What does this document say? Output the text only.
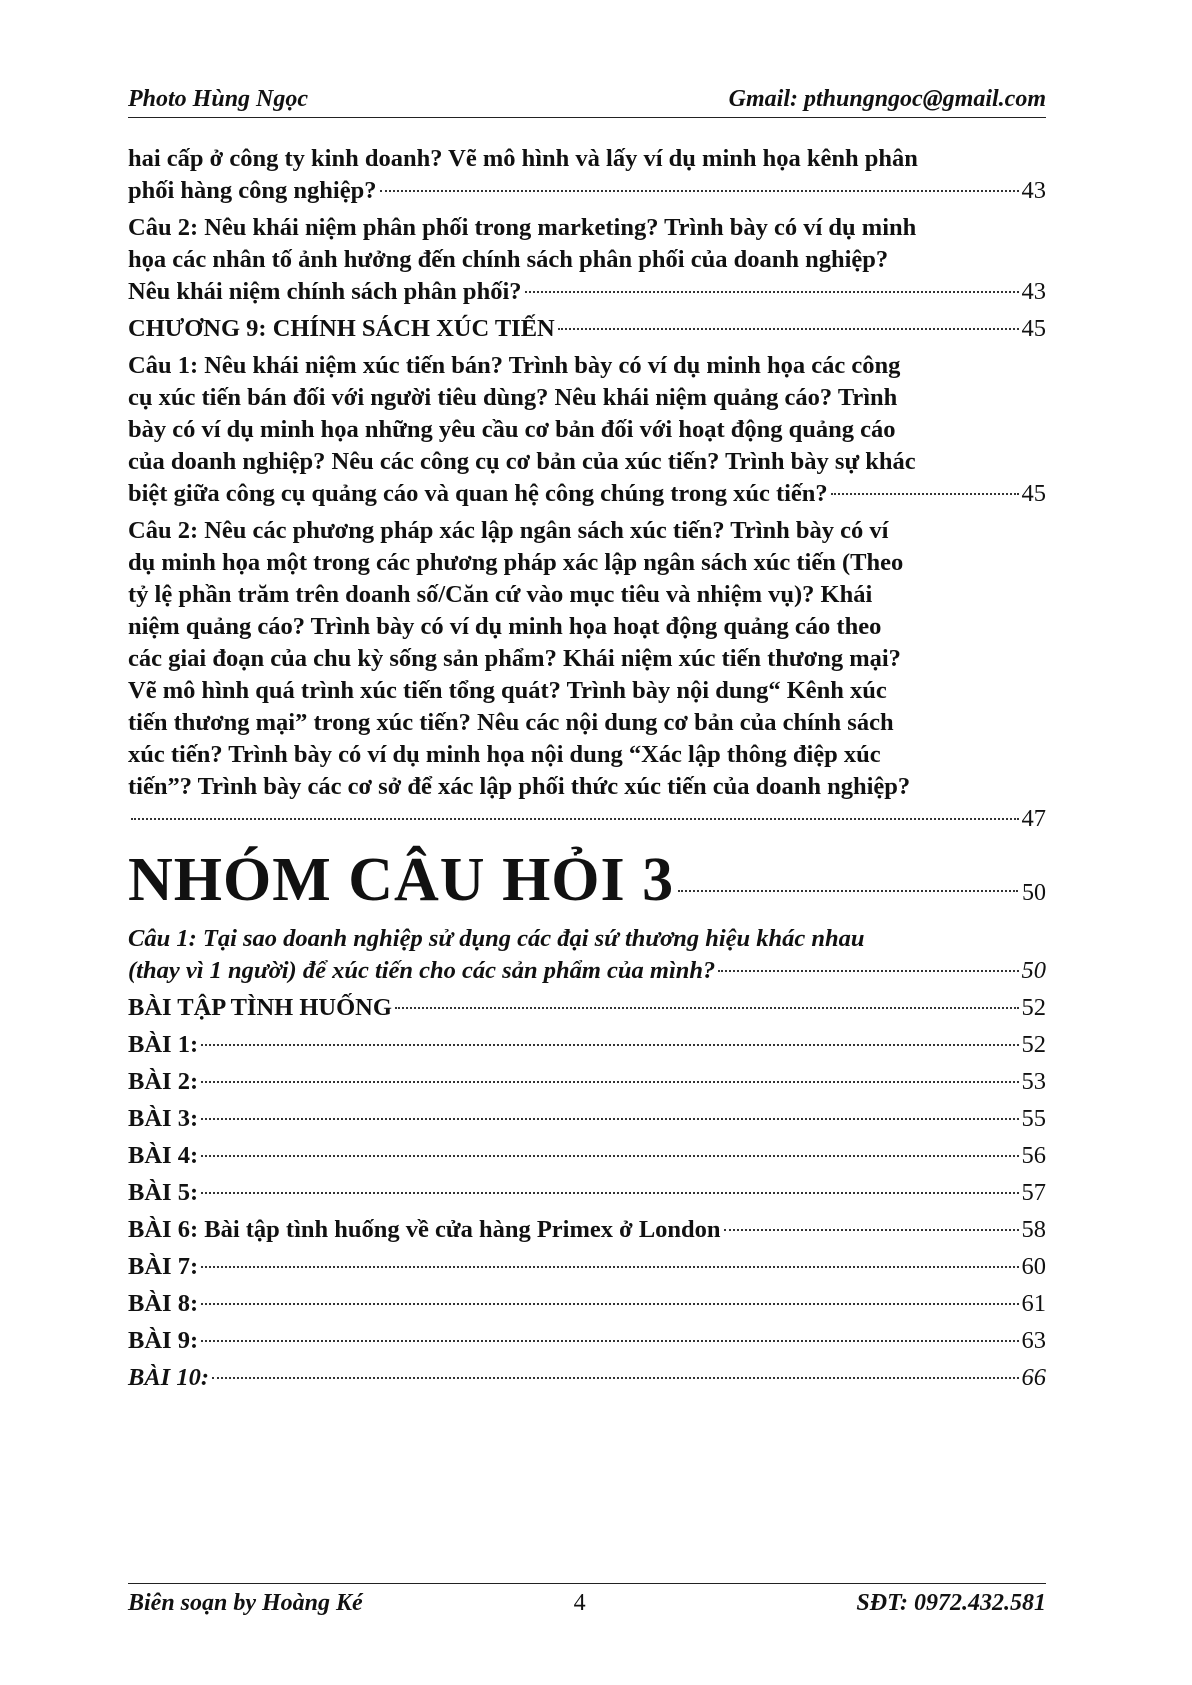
Photo Hùng Ngọc	Gmail: pthungngoc@gmail.com
hai cấp ở công ty kinh doanh? Vẽ mô hình và lấy ví dụ minh họa kênh phân
phối hàng công nghiệp?	43
Câu 2: Nêu khái niệm phân phối trong marketing? Trình bày có ví dụ minh
họa các nhân tố ảnh hưởng đến chính sách phân phối của doanh nghiệp?
Nêu khái niệm chính sách phân phối?	43
CHƯƠNG 9: CHÍNH SÁCH XÚC TIẾN	45
Câu 1: Nêu khái niệm xúc tiến bán? Trình bày có ví dụ minh họa các công
cụ xúc tiến bán đối với người tiêu dùng? Nêu khái niệm quảng cáo? Trình
bày có ví dụ minh họa những yêu cầu cơ bản đối với hoạt động quảng cáo
của doanh nghiệp? Nêu các công cụ cơ bản của xúc tiến? Trình bày sự khác
biệt giữa công cụ quảng cáo và quan hệ công chúng trong xúc tiến?	45
Câu 2: Nêu các phương pháp xác lập ngân sách xúc tiến? Trình bày có ví
dụ minh họa một trong các phương pháp xác lập ngân sách xúc tiến (Theo
tỷ lệ phần trăm trên doanh số/Căn cứ vào mục tiêu và nhiệm vụ)? Khái
niệm quảng cáo? Trình bày có ví dụ minh họa hoạt động quảng cáo theo
các giai đoạn của chu kỳ sống sản phẩm? Khái niệm xúc tiến thương mại?
Vẽ mô hình quá trình xúc tiến tổng quát? Trình bày nội dung“ Kênh xúc
tiến thương mại” trong xúc tiến? Nêu các nội dung cơ bản của chính sách
xúc tiến? Trình bày có ví dụ minh họa nội dung “Xác lập thông điệp xúc
tiến”? Trình bày các cơ sở để xác lập phối thức xúc tiến của doanh nghiệp?
47
NHÓM CÂU HỎI 3	50
Câu 1: Tại sao doanh nghiệp sử dụng các đại sứ thương hiệu khác nhau
(thay vì 1 người) để xúc tiến cho các sản phẩm của mình?	50
BÀI TẬP TÌNH HUỐNG	52
BÀI 1:	52
BÀI 2:	53
BÀI 3:	55
BÀI 4:	56
BÀI 5:	57
BÀI 6: Bài tập tình huống về cửa hàng Primex ở London	58
BÀI 7:	60
BÀI 8:	61
BÀI 9:	63
BÀI 10:	66
Biên soạn by Hoàng Ké	4	SĐT: 0972.432.581
